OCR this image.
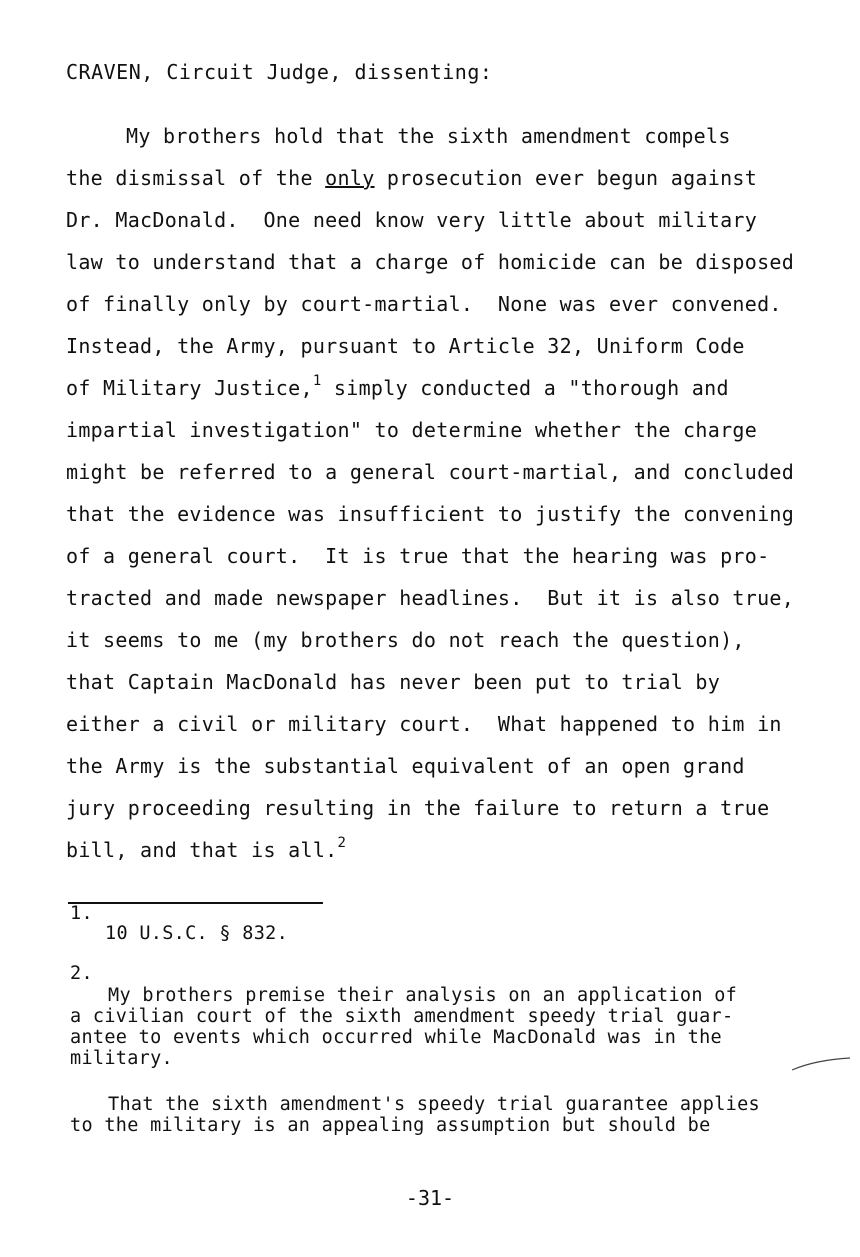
CRAVEN, Circuit Judge, dissenting:
My brothers hold that the sixth amendment compels
the dismissal of the only prosecution ever begun against
Dr. MacDonald.  One need know very little about military
law to understand that a charge of homicide can be disposed
of finally only by court-martial.  None was ever convened.
Instead, the Army, pursuant to Article 32, Uniform Code
of Military Justice,$^1$ simply conducted a "thorough and
impartial investigation" to determine whether the charge
might be referred to a general court-martial, and concluded
that the evidence was insufficient to justify the convening
of a general court.  It is true that the hearing was pro-
tracted and made newspaper headlines.  But it is also true,
it seems to me (my brothers do not reach the question),
that Captain MacDonald has never been put to trial by
either a civil or military court.  What happened to him in
the Army is the substantial equivalent of an open grand
jury proceeding resulting in the failure to return a true
bill, and that is all.$^2$
1.
10 U.S.C. § 832.
2.
My brothers premise their analysis on an application of
a civilian court of the sixth amendment speedy trial guar-
antee to events which occurred while MacDonald was in the
military.
That the sixth amendment's speedy trial guarantee applies
to the military is an appealing assumption but should be
-31-
